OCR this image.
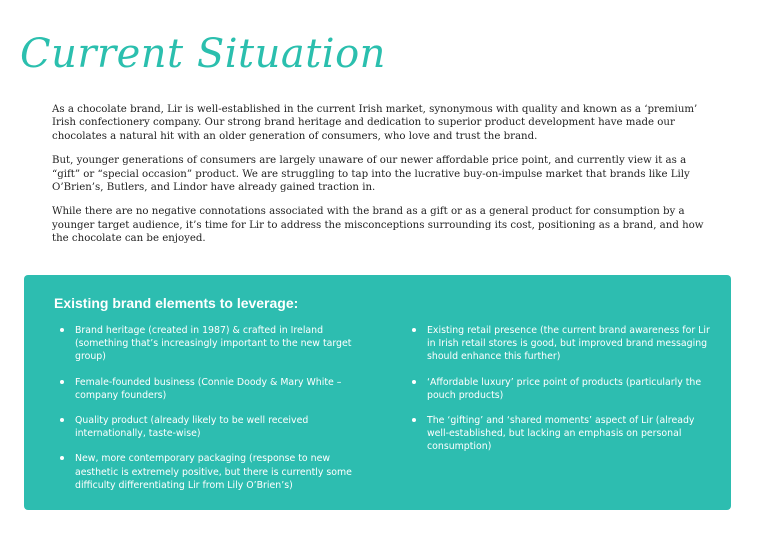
Current Situation

As a chocolate brand, Lir is well-established in the current Irish market, synonymous with quality and known as a ‘premium’ Irish confectionery company. Our strong brand heritage and dedication to superior product development have made our chocolates a natural hit with an older generation of consumers, who love and trust the brand.

But, younger generations of consumers are largely unaware of our newer affordable price point, and currently view it as a “gift” or “special occasion” product. We are struggling to tap into the lucrative buy-on-impulse market that brands like Lily O’Brien’s, Butlers, and Lindor have already gained traction in.

While there are no negative connotations associated with the brand as a gift or as a general product for consumption by a younger target audience, it’s time for Lir to address the misconceptions surrounding its cost, positioning as a brand, and how the chocolate can be enjoyed.

Existing brand elements to leverage:
Brand heritage (created in 1987) & crafted in Ireland (something that’s increasingly important to the new target group)
Female-founded business (Connie Doody & Mary White – company founders)
Quality product (already likely to be well received internationally, taste-wise)
New, more contemporary packaging (response to new aesthetic is extremely positive, but there is currently some difficulty differentiating Lir from Lily O’Brien’s)
Existing retail presence (the current brand awareness for Lir in Irish retail stores is good, but improved brand messaging should enhance this further)
‘Affordable luxury’ price point of products (particularly the pouch products)
The ‘gifting’ and ‘shared moments’ aspect of Lir (already well-established, but lacking an emphasis on personal consumption)
